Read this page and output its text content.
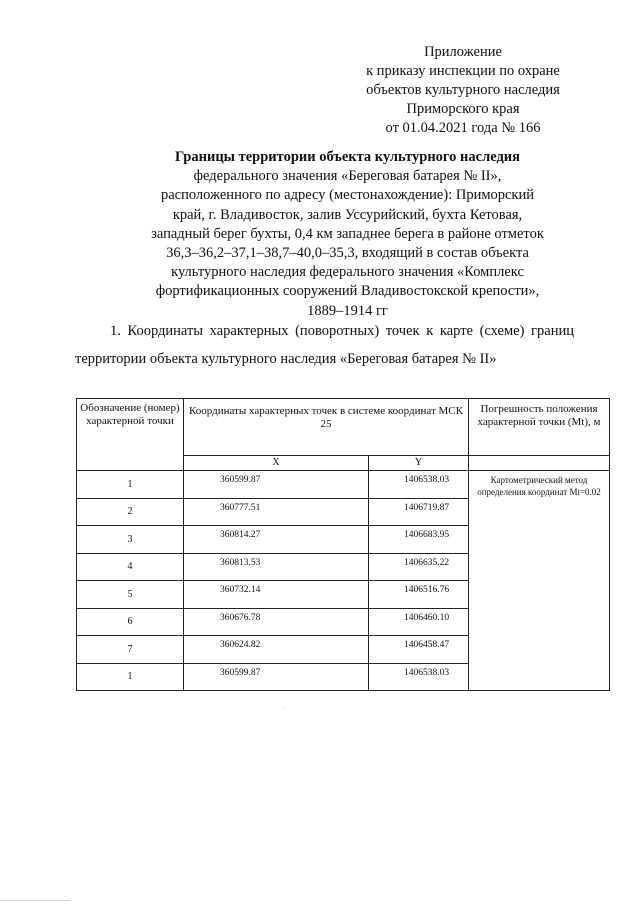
Приложение
к приказу инспекции по охране
объектов культурного наследия
Приморского края
от 01.04.2021 года № 166
Границы территории объекта культурного наследия
федерального значения «Береговая батарея № II»,
расположенного по адресу (местонахождение): Приморский
край, г. Владивосток, залив Уссурийский, бухта Кетовая,
западный берег бухты, 0,4 км западнее берега в районе отметок
36,3–36,2–37,1–38,7–40,0–35,3, входящий в состав объекта
культурного наследия федерального значения «Комплекс
фортификационных сооружений Владивостокской крепости»,
1889–1914 гг
1. Координаты характерных (поворотных) точек к карте (схеме) границ
территории объекта культурного наследия «Береговая батарея № II»
Обозначение (номер) характерной точки	Координаты характерных точек в системе координат МСК 25		Погрешность положения характерной точки (Mt), м
	X	Y	
1	360599.87	1406538.03	Картометрический метод определения координат Mt=0.02
2	360777.51	1406719.87	
3	360814.27	1406683.95	
4	360813.53	1406635.22	
5	360732.14	1406516.76	
6	360676.78	1406460.10	
7	360624.82	1406458.47	
1	360599.87	1406538.03	
